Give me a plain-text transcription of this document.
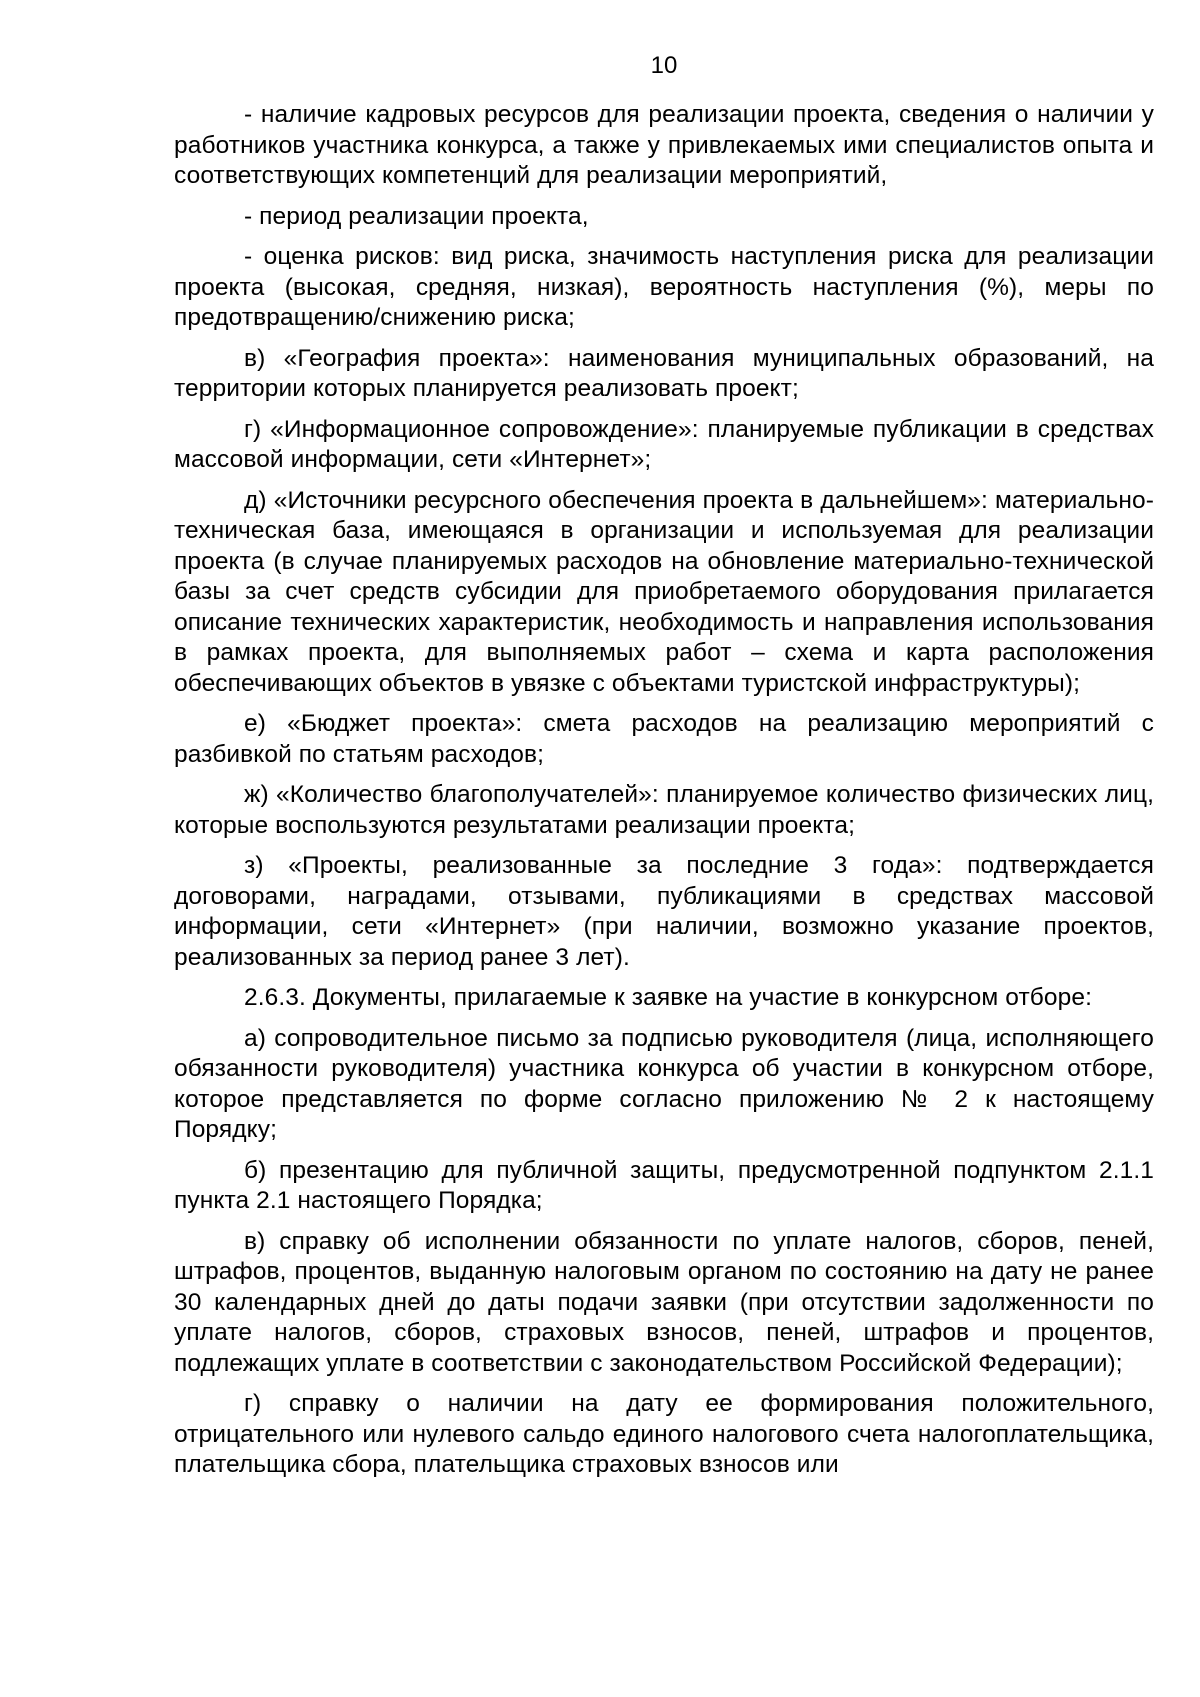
10

- наличие кадровых ресурсов для реализации проекта, сведения о наличии у работников участника конкурса, а также у привлекаемых ими специалистов опыта и соответствующих компетенций для реализации мероприятий,

- период реализации проекта,

- оценка рисков: вид риска, значимость наступления риска для реализации проекта (высокая, средняя, низкая), вероятность наступления (%), меры по предотвращению/снижению риска;

в) «География проекта»: наименования муниципальных образований, на территории которых планируется реализовать проект;

г) «Информационное сопровождение»: планируемые публикации в средствах массовой информации, сети «Интернет»;

д) «Источники ресурсного обеспечения проекта в дальнейшем»: материально-техническая база, имеющаяся в организации и используемая для реализации проекта (в случае планируемых расходов на обновление материально-технической базы за счет средств субсидии для приобретаемого оборудования прилагается описание технических характеристик, необходимость и направления использования в рамках проекта, для выполняемых работ – схема и карта расположения обеспечивающих объектов в увязке с объектами туристской инфраструктуры);

е) «Бюджет проекта»: смета расходов на реализацию мероприятий с разбивкой по статьям расходов;

ж) «Количество благополучателей»: планируемое количество физических лиц, которые воспользуются результатами реализации проекта;

з) «Проекты, реализованные за последние 3 года»: подтверждается договорами, наградами, отзывами, публикациями в средствах массовой информации, сети «Интернет» (при наличии, возможно указание проектов, реализованных за период ранее 3 лет).

2.6.3. Документы, прилагаемые к заявке на участие в конкурсном отборе:

а) сопроводительное письмо за подписью руководителя (лица, исполняющего обязанности руководителя) участника конкурса об участии в конкурсном отборе, которое представляется по форме согласно приложению № 2 к настоящему Порядку;

б) презентацию для публичной защиты, предусмотренной подпунктом 2.1.1 пункта 2.1 настоящего Порядка;

в) справку об исполнении обязанности по уплате налогов, сборов, пеней, штрафов, процентов, выданную налоговым органом по состоянию на дату не ранее 30 календарных дней до даты подачи заявки (при отсутствии задолженности по уплате налогов, сборов, страховых взносов, пеней, штрафов и процентов, подлежащих уплате в соответствии с законодательством Российской Федерации);

г) справку о наличии на дату ее формирования положительного, отрицательного или нулевого сальдо единого налогового счета налогоплательщика, плательщика сбора, плательщика страховых взносов или
